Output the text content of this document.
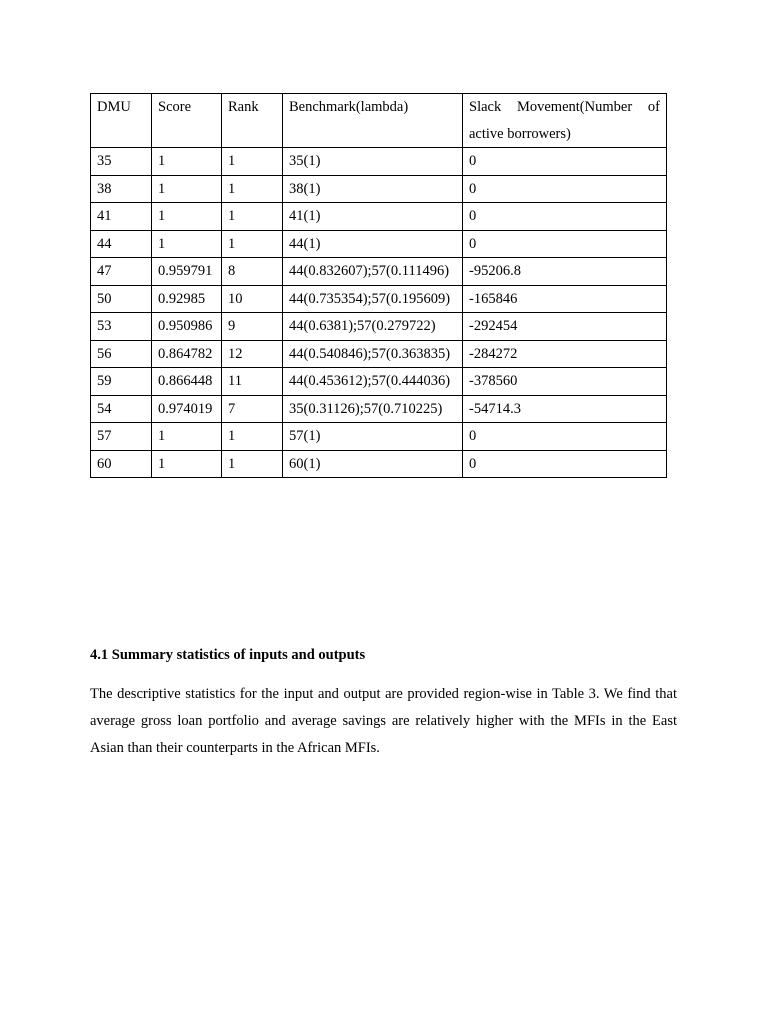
DMU	Score	Rank	Benchmark(lambda)	Slack Movement(Number of
active borrowers)

35	1	1	35(1)	0
38	1	1	38(1)	0
41	1	1	41(1)	0
44	1	1	44(1)	0
47	0.959791	8	44(0.832607);57(0.111496)	-95206.8
50	0.92985	10	44(0.735354);57(0.195609)	-165846
53	0.950986	9	44(0.6381);57(0.279722)	-292454
56	0.864782	12	44(0.540846);57(0.363835)	-284272
59	0.866448	11	44(0.453612);57(0.444036)	-378560
54	0.974019	7	35(0.31126);57(0.710225)	-54714.3
57	1	1	57(1)	0
60	1	1	60(1)	0
4.1 Summary statistics of inputs and outputs

The descriptive statistics for the input and output are provided region-wise in Table 3. We find that average gross loan portfolio and average savings are relatively higher with the MFIs in the East Asian than their counterparts in the African MFIs.
